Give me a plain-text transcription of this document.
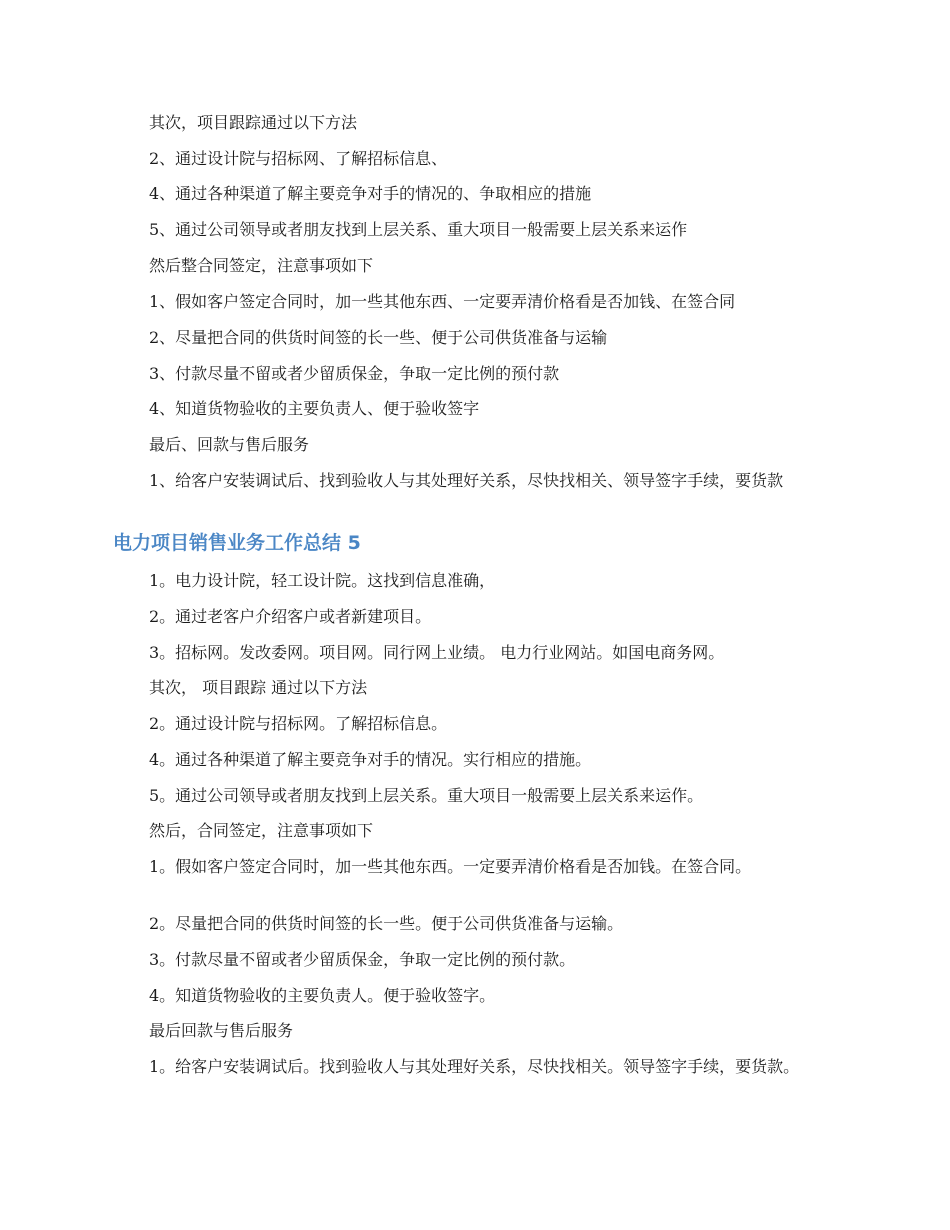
其次，项目跟踪通过以下方法
2、通过设计院与招标网、了解招标信息、
4、通过各种渠道了解主要竞争对手的情况的、争取相应的措施
5、通过公司领导或者朋友找到上层关系、重大项目一般需要上层关系来运作
然后整合同签定，注意事项如下
1、假如客户签定合同时，加一些其他东西、一定要弄清价格看是否加钱、在签合同
2、尽量把合同的供货时间签的长一些、便于公司供货准备与运输
3、付款尽量不留或者少留质保金，争取一定比例的预付款
4、知道货物验收的主要负责人、便于验收签字
最后、回款与售后服务
1、给客户安装调试后、找到验收人与其处理好关系，尽快找相关、领导签字手续，要货款
电力项目销售业务工作总结 5
1。电力设计院，轻工设计院。这找到信息准确，
2。通过老客户介绍客户或者新建项目。
3。招标网。发改委网。项目网。同行网上业绩。 电力行业网站。如国电商务网。
其次， 项目跟踪 通过以下方法
2。通过设计院与招标网。了解招标信息。
4。通过各种渠道了解主要竞争对手的情况。实行相应的措施。
5。通过公司领导或者朋友找到上层关系。重大项目一般需要上层关系来运作。
然后，合同签定，注意事项如下
1。假如客户签定合同时，加一些其他东西。一定要弄清价格看是否加钱。在签合同。
2。尽量把合同的供货时间签的长一些。便于公司供货准备与运输。
3。付款尽量不留或者少留质保金，争取一定比例的预付款。
4。知道货物验收的主要负责人。便于验收签字。
最后回款与售后服务
1。给客户安装调试后。找到验收人与其处理好关系，尽快找相关。领导签字手续，要货款。
